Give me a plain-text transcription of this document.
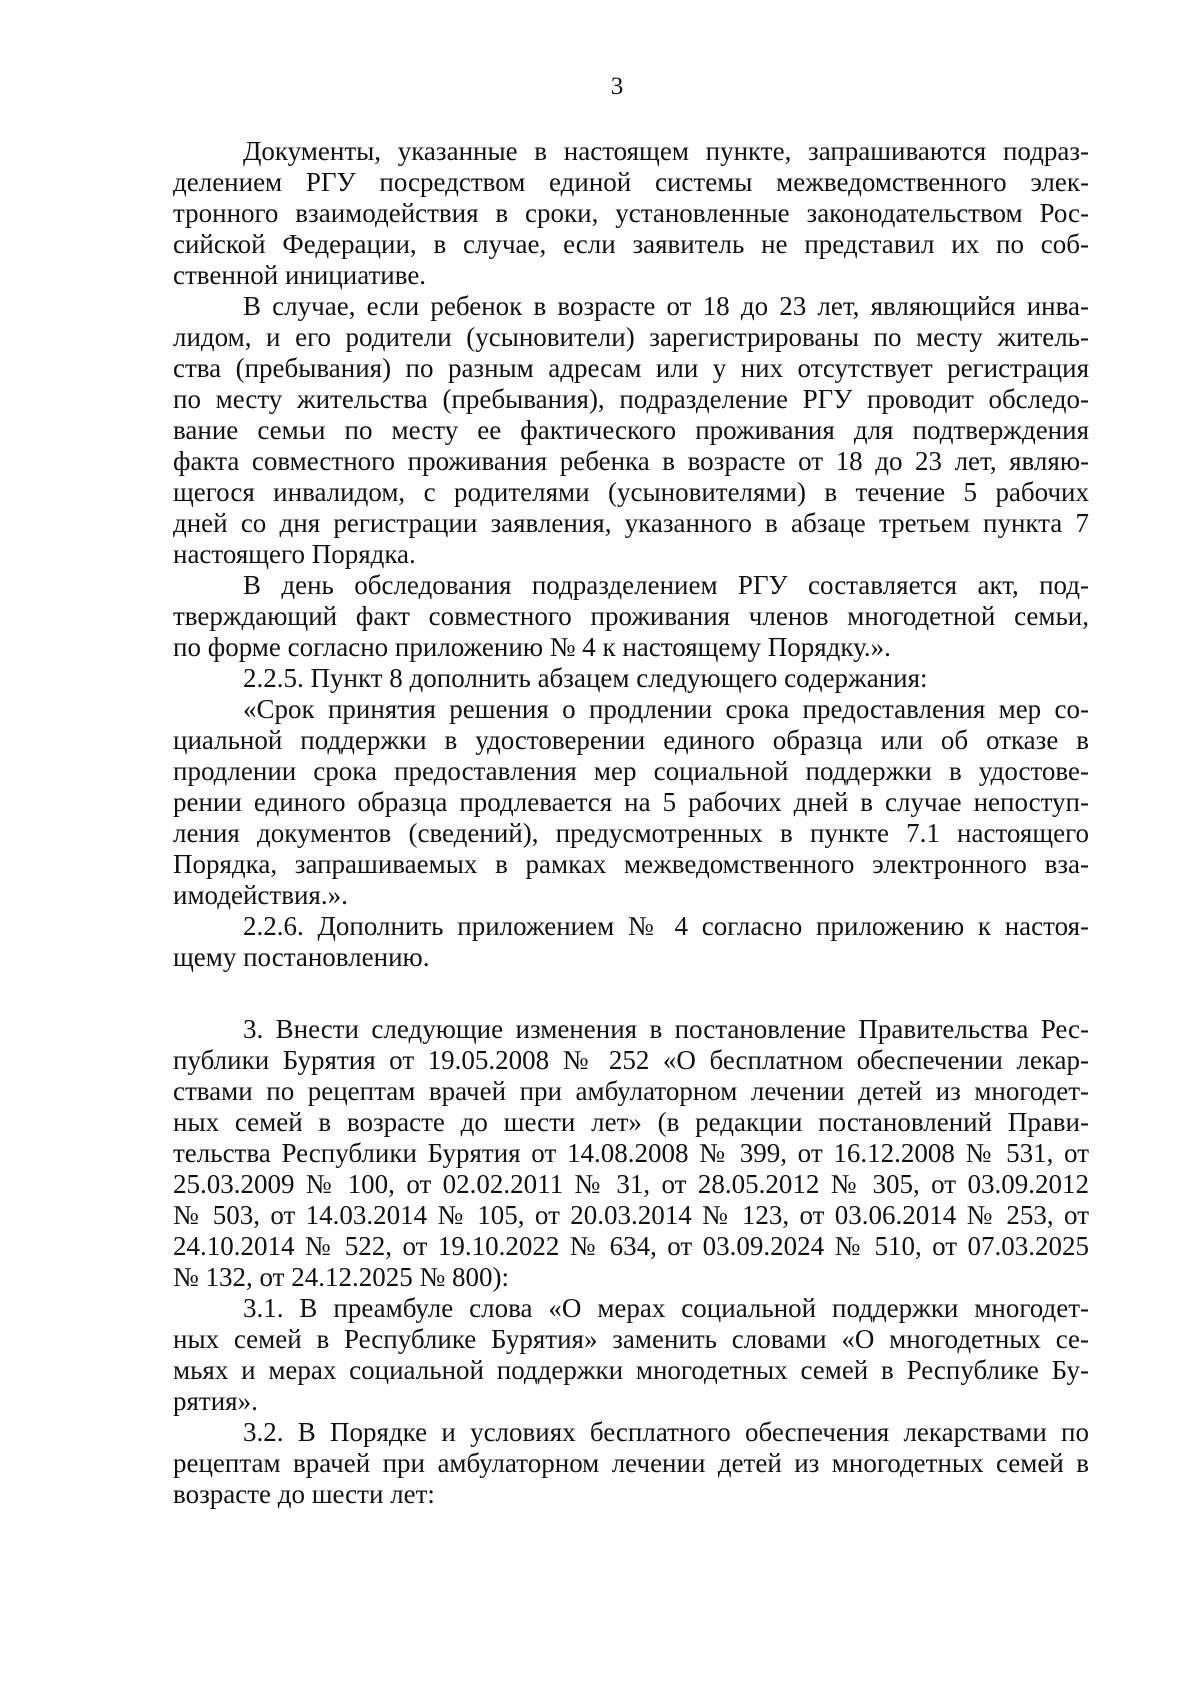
3
Документы, указанные в настоящем пункте, запрашиваются подраз-
делением РГУ посредством единой системы межведомственного элек-
тронного взаимодействия в сроки, установленные законодательством Рос-
сийской Федерации, в случае, если заявитель не представил их по соб-
ственной инициативе.
В случае, если ребенок в возрасте от 18 до 23 лет, являющийся инва-
лидом, и его родители (усыновители) зарегистрированы по месту житель-
ства (пребывания) по разным адресам или у них отсутствует регистрация
по месту жительства (пребывания), подразделение РГУ проводит обследо-
вание семьи по месту ее фактического проживания для подтверждения
факта совместного проживания ребенка в возрасте от 18 до 23 лет, являю-
щегося инвалидом, с родителями (усыновителями) в течение 5 рабочих
дней со дня регистрации заявления, указанного в абзаце третьем пункта 7
настоящего Порядка.
В день обследования подразделением РГУ составляется акт, под-
тверждающий факт совместного проживания членов многодетной семьи,
по форме согласно приложению № 4 к настоящему Порядку.».
2.2.5. Пункт 8 дополнить абзацем следующего содержания:
«Срок принятия решения о продлении срока предоставления мер со-
циальной поддержки в удостоверении единого образца или об отказе в
продлении срока предоставления мер социальной поддержки в удостове-
рении единого образца продлевается на 5 рабочих дней в случае непоступ-
ления документов (сведений), предусмотренных в пункте 7.1 настоящего
Порядка, запрашиваемых в рамках межведомственного электронного вза-
имодействия.».
2.2.6. Дополнить приложением № 4 согласно приложению к настоя-
щему постановлению.
3. Внести следующие изменения в постановление Правительства Рес-
публики Бурятия от 19.05.2008 № 252 «О бесплатном обеспечении лекар-
ствами по рецептам врачей при амбулаторном лечении детей из многодет-
ных семей в возрасте до шести лет» (в редакции постановлений Прави-
тельства Республики Бурятия от 14.08.2008 № 399, от 16.12.2008 № 531, от
25.03.2009 № 100, от 02.02.2011 № 31, от 28.05.2012 № 305, от 03.09.2012
№ 503, от 14.03.2014 № 105, от 20.03.2014 № 123, от 03.06.2014 № 253, от
24.10.2014 № 522, от 19.10.2022 № 634, от 03.09.2024 № 510, от 07.03.2025
№ 132, от 24.12.2025 № 800):
3.1. В преамбуле слова «О мерах социальной поддержки многодет-
ных семей в Республике Бурятия» заменить словами «О многодетных се-
мьях и мерах социальной поддержки многодетных семей в Республике Бу-
рятия».
3.2. В Порядке и условиях бесплатного обеспечения лекарствами по
рецептам врачей при амбулаторном лечении детей из многодетных семей в
возрасте до шести лет:
